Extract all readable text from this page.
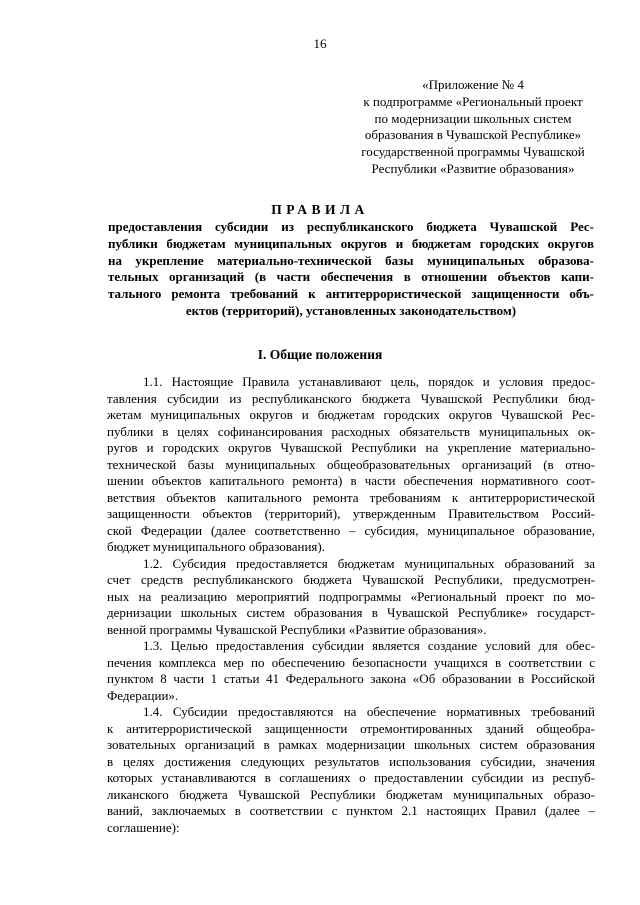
16
«Приложение № 4
к подпрограмме «Региональный проект
по модернизации школьных систем
образования в Чувашской Республике»
государственной программы Чувашской
Республики «Развитие образования»
ПРАВИЛА
предоставления субсидии из республиканского бюджета Чувашской Рес-
публики бюджетам муниципальных округов и бюджетам городских округов
на укрепление материально-технической базы муниципальных образова-
тельных организаций (в части обеспечения в отношении объектов капи-
тального ремонта требований к антитеррористической защищенности объ-
ектов (территорий), установленных законодательством)
I. Общие положения
1.1. Настоящие Правила устанавливают цель, порядок и условия предос-
тавления субсидии из республиканского бюджета Чувашской Республики бюд-
жетам муниципальных округов и бюджетам городских округов Чувашской Рес-
публики в целях софинансирования расходных обязательств муниципальных ок-
ругов и городских округов Чувашской Республики на укрепление материально-
технической базы муниципальных общеобразовательных организаций (в отно-
шении объектов капитального ремонта) в части обеспечения нормативного соот-
ветствия объектов капитального ремонта требованиям к антитеррористической
защищенности объектов (территорий), утвержденным Правительством Россий-
ской Федерации (далее соответственно – субсидия, муниципальное образование,
бюджет муниципального образования).
1.2. Субсидия предоставляется бюджетам муниципальных образований за
счет средств республиканского бюджета Чувашской Республики, предусмотрен-
ных на реализацию мероприятий подпрограммы «Региональный проект по мо-
дернизации школьных систем образования в Чувашской Республике» государст-
венной программы Чувашской Республики «Развитие образования».
1.3. Целью предоставления субсидии является создание условий для обес-
печения комплекса мер по обеспечению безопасности учащихся в соответствии с
пунктом 8 части 1 статьи 41 Федерального закона «Об образовании в Российской
Федерации».
1.4. Субсидии предоставляются на обеспечение нормативных требований
к антитеррористической защищенности отремонтированных зданий общеобра-
зовательных организаций в рамках модернизации школьных систем образования
в целях достижения следующих результатов использования субсидии, значения
которых устанавливаются в соглашениях о предоставлении субсидии из респуб-
ликанского бюджета Чувашской Республики бюджетам муниципальных образо-
ваний, заключаемых в соответствии с пунктом 2.1 настоящих Правил (далее –
соглашение):
